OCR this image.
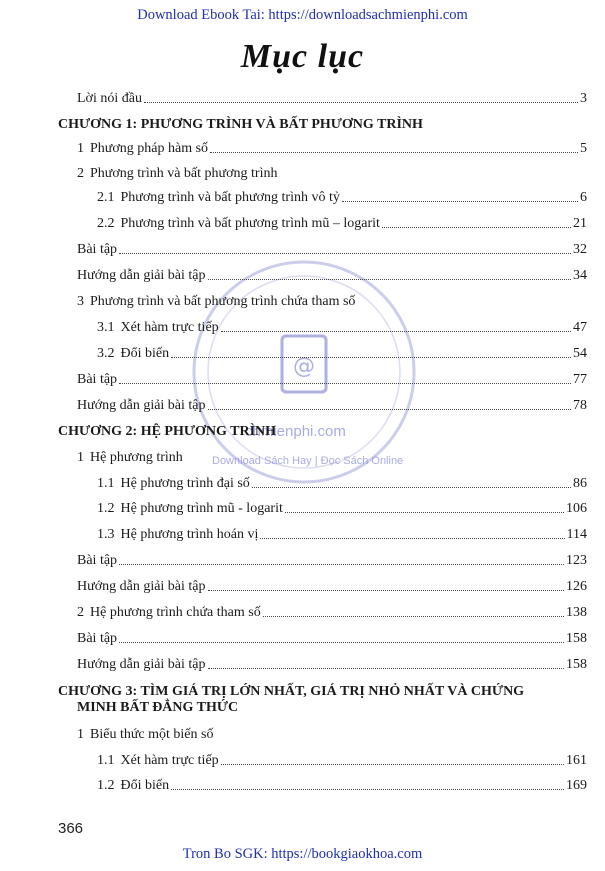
Download Ebook Tai: https://downloadsachmienphi.com
Mục lục
@
chmienphi.com
Download Sách Hay | Đọc Sách Online
Lời nói đầu	3
CHƯƠNG 1: PHƯƠNG TRÌNH VÀ BẤT PHƯƠNG TRÌNH
1 Phương pháp hàm số	5
2 Phương trình và bất phương trình
2.1 Phương trình và bất phương trình vô tỷ	6
2.2 Phương trình và bất phương trình mũ – logarit	21
Bài tập	32
Hướng dẫn giải bài tập	34
3 Phương trình và bất phương trình chứa tham số
3.1 Xét hàm trực tiếp	47
3.2 Đổi biến	54
Bài tập	77
Hướng dẫn giải bài tập	78
CHƯƠNG 2: HỆ PHƯƠNG TRÌNH
1 Hệ phương trình
1.1 Hệ phương trình đại số	86
1.2 Hệ phương trình mũ - logarit	106
1.3 Hệ phương trình hoán vị	114
Bài tập	123
Hướng dẫn giải bài tập	126
2 Hệ phương trình chứa tham số	138
Bài tập	158
Hướng dẫn giải bài tập	158
CHƯƠNG 3: TÌM GIÁ TRỊ LỚN NHẤT, GIÁ TRỊ NHỎ NHẤT VÀ CHỨNG
MINH BẤT ĐẲNG THỨC
1 Biểu thức một biến số
1.1 Xét hàm trực tiếp	161
1.2 Đổi biến	169
366
Tron Bo SGK: https://bookgiaokhoa.com
